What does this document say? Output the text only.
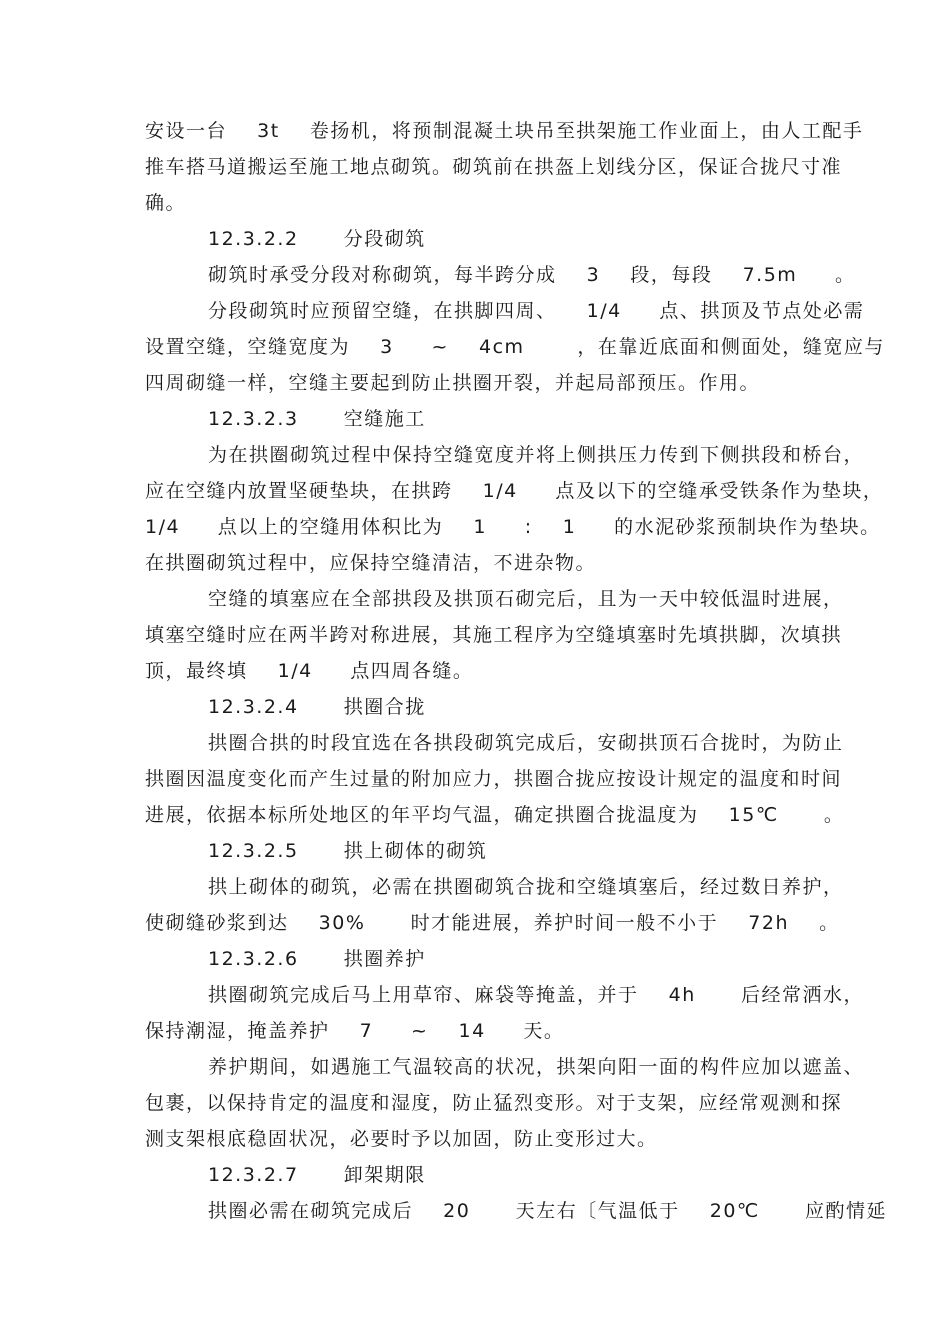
安设一台    3t    卷扬机，将预制混凝土块吊至拱架施工作业面上，由人工配手
推车搭马道搬运至施工地点砌筑。砌筑前在拱盔上划线分区，保证合拢尺寸准
确。
12.3.2.2      分段砌筑
砌筑时承受分段对称砌筑，每半跨分成    3    段，每段    7.5m     。
分段砌筑时应预留空缝，在拱脚四周、    1/4     点、拱顶及节点处必需
设置空缝，空缝宽度为    3     ~    4cm       ，在靠近底面和侧面处，缝宽应与
四周砌缝一样，空缝主要起到防止拱圈开裂，并起局部预压。作用。
12.3.2.3      空缝施工
为在拱圈砌筑过程中保持空缝宽度并将上侧拱压力传到下侧拱段和桥台，
应在空缝内放置坚硬垫块，在拱跨    1/4     点及以下的空缝承受铁条作为垫块，
1/4     点以上的空缝用体积比为    1     :    1     的水泥砂浆预制块作为垫块。
在拱圈砌筑过程中，应保持空缝清洁，不进杂物。
空缝的填塞应在全部拱段及拱顶石砌完后，且为一天中较低温时进展，
填塞空缝时应在两半跨对称进展，其施工程序为空缝填塞时先填拱脚，次填拱
顶，最终填    1/4     点四周各缝。
12.3.2.4      拱圈合拢
拱圈合拱的时段宜选在各拱段砌筑完成后，安砌拱顶石合拢时，为防止
拱圈因温度变化而产生过量的附加应力，拱圈合拢应按设计规定的温度和时间
进展，依据本标所处地区的年平均气温，确定拱圈合拢温度为    15℃      。
12.3.2.5      拱上砌体的砌筑
拱上砌体的砌筑，必需在拱圈砌筑合拢和空缝填塞后，经过数日养护，
使砌缝砂浆到达    30%      时才能进展，养护时间一般不小于    72h    。
12.3.2.6      拱圈养护
拱圈砌筑完成后马上用草帘、麻袋等掩盖，并于    4h      后经常洒水，
保持潮湿，掩盖养护    7     ~    14     天。
养护期间，如遇施工气温较高的状况，拱架向阳一面的构件应加以遮盖、
包裹，以保持肯定的温度和湿度，防止猛烈变形。对于支架，应经常观测和探
测支架根底稳固状况，必要时予以加固，防止变形过大。
12.3.2.7      卸架期限
拱圈必需在砌筑完成后    20      天左右〔气温低于    20℃      应酌情延
